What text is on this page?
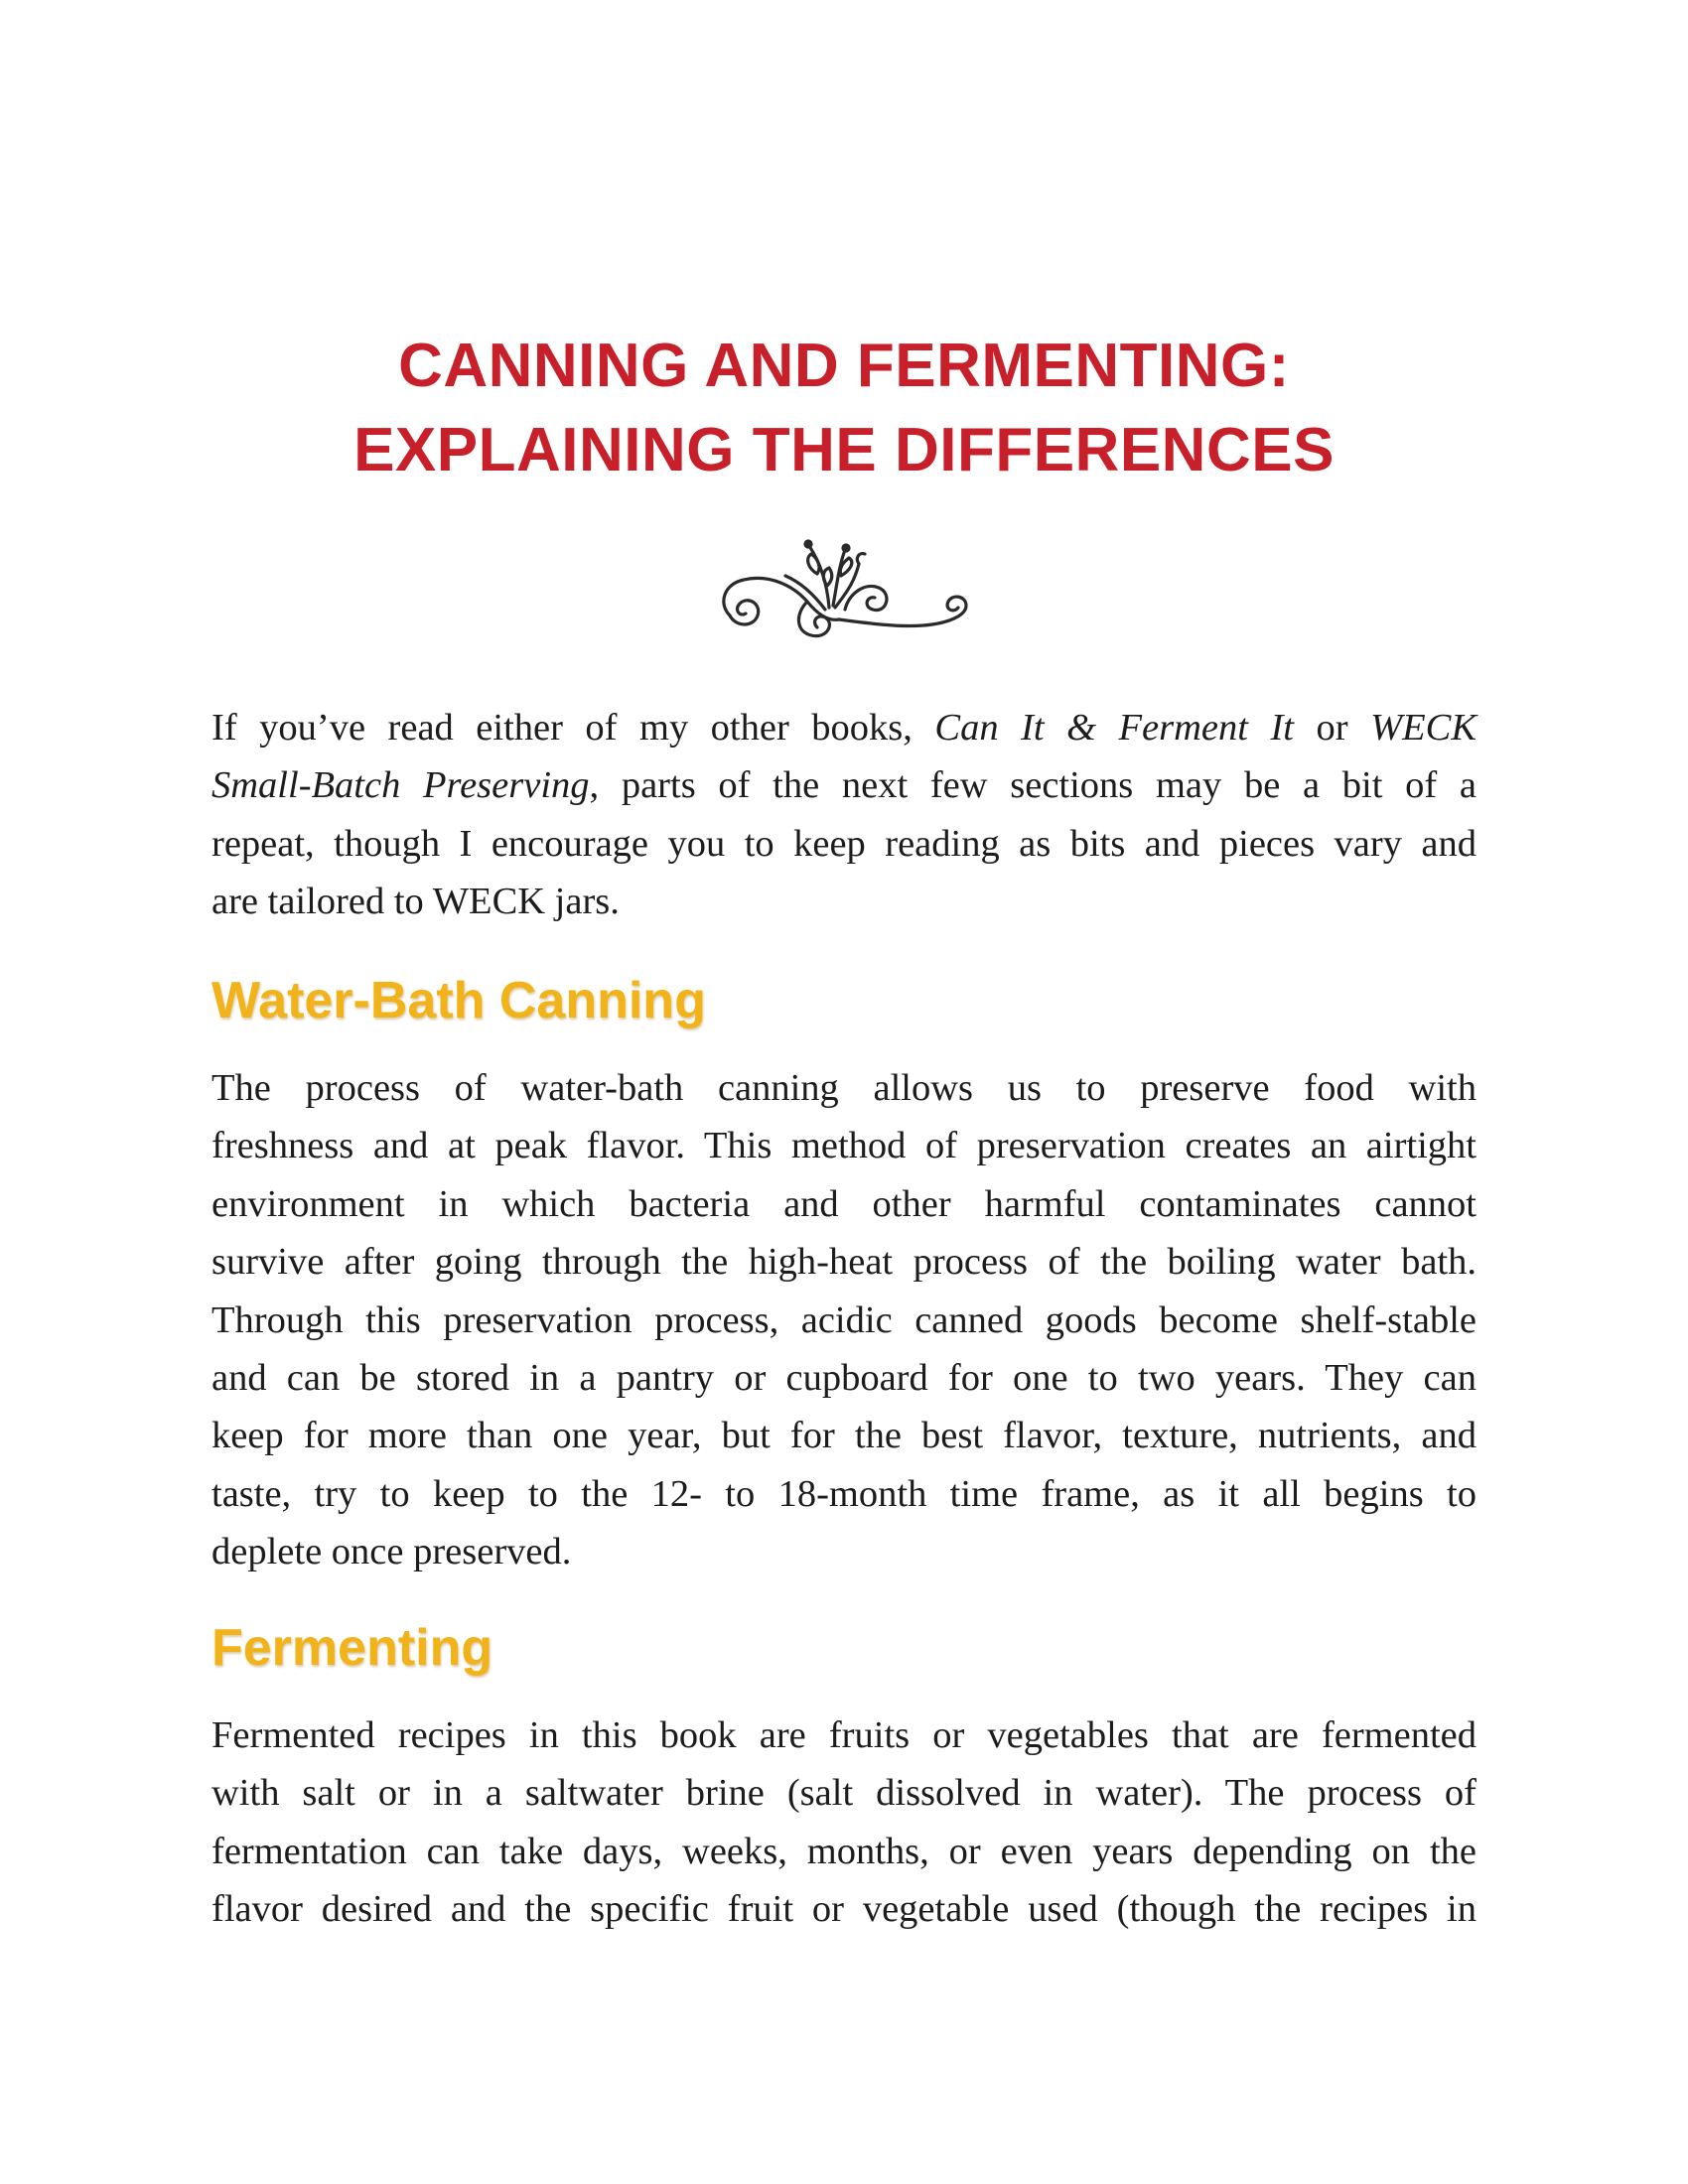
CANNING AND FERMENTING:
EXPLAINING THE DIFFERENCES

If you’ve read either of my other books, Can It & Ferment It or WECK
Small-Batch Preserving, parts of the next few sections may be a bit of a
repeat, though I encourage you to keep reading as bits and pieces vary and
are tailored to WECK jars.

Water-Bath Canning

The process of water-bath canning allows us to preserve food with
freshness and at peak flavor. This method of preservation creates an airtight
environment in which bacteria and other harmful contaminates cannot
survive after going through the high-heat process of the boiling water bath.
Through this preservation process, acidic canned goods become shelf-stable
and can be stored in a pantry or cupboard for one to two years. They can
keep for more than one year, but for the best flavor, texture, nutrients, and
taste, try to keep to the 12- to 18-month time frame, as it all begins to
deplete once preserved.

Fermenting

Fermented recipes in this book are fruits or vegetables that are fermented
with salt or in a saltwater brine (salt dissolved in water). The process of
fermentation can take days, weeks, months, or even years depending on the
flavor desired and the specific fruit or vegetable used (though the recipes in
